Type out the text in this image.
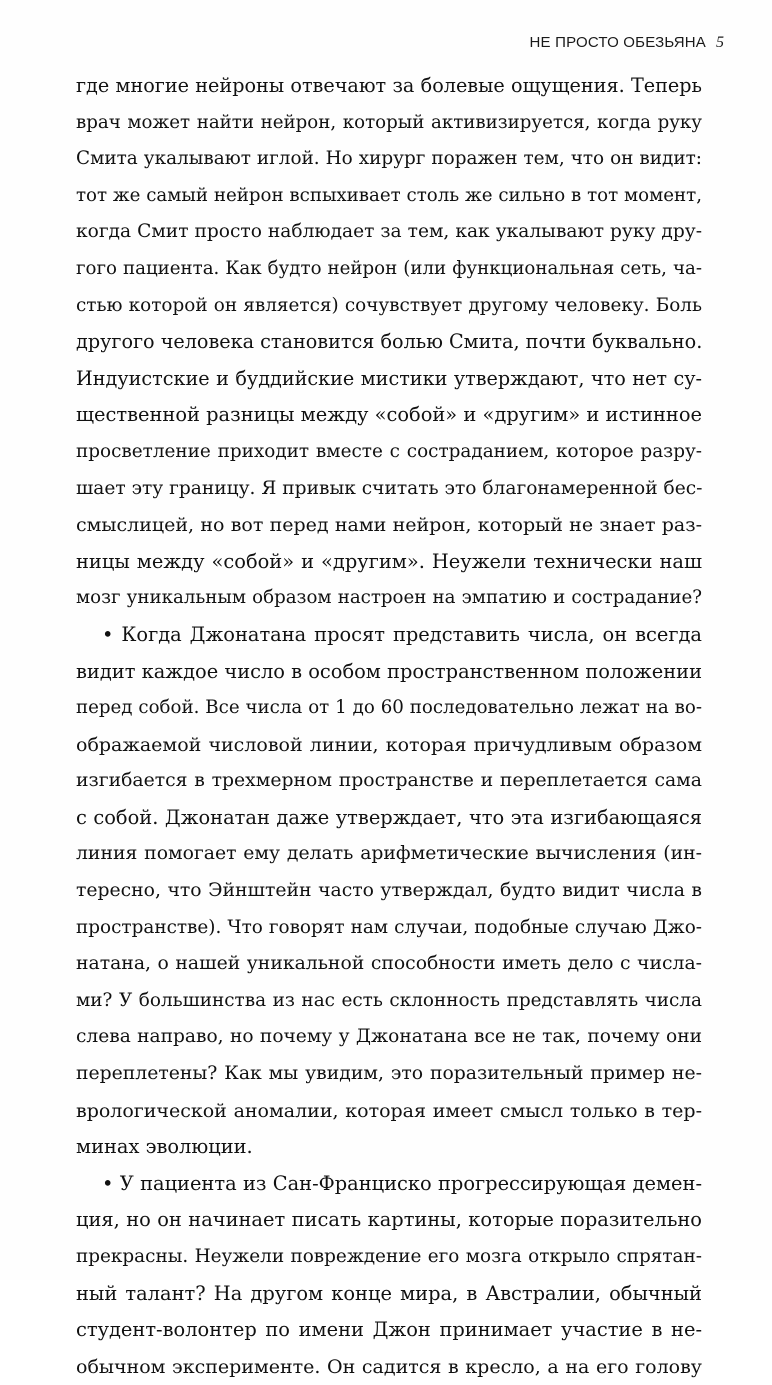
НЕ ПРОСТО ОБЕЗЬЯНА 5
где многие нейроны отвечают за болевые ощущения. Теперь
врач может найти нейрон, который активизируется, когда руку
Смита укалывают иглой. Но хирург поражен тем, что он видит:
тот же самый нейрон вспыхивает столь же сильно в тот момент,
когда Смит просто наблюдает за тем, как укалывают руку дру-
гого пациента. Как будто нейрон (или функциональная сеть, ча-
стью которой он является) сочувствует другому человеку. Боль
другого человека становится болью Смита, почти буквально.
Индуистские и буддийские мистики утверждают, что нет су-
щественной разницы между «собой» и «другим» и истинное
просветление приходит вместе с состраданием, которое разру-
шает эту границу. Я привык считать это благонамеренной бес-
смыслицей, но вот перед нами нейрон, который не знает раз-
ницы между «собой» и «другим». Неужели технически наш
мозг уникальным образом настроен на эмпатию и сострадание?
• Когда Джонатана просят представить числа, он всегда
видит каждое число в особом пространственном положении
перед собой. Все числа от 1 до 60 последовательно лежат на во-
ображаемой числовой линии, которая причудливым образом
изгибается в трехмерном пространстве и переплетается сама
с собой. Джонатан даже утверждает, что эта изгибающаяся
линия помогает ему делать арифметические вычисления (ин-
тересно, что Эйнштейн часто утверждал, будто видит числа в
пространстве). Что говорят нам случаи, подобные случаю Джо-
натана, о нашей уникальной способности иметь дело с числа-
ми? У большинства из нас есть склонность представлять числа
слева направо, но почему у Джонатана все не так, почему они
переплетены? Как мы увидим, это поразительный пример не-
врологической аномалии, которая имеет смысл только в тер-
минах эволюции.
• У пациента из Сан-Франциско прогрессирующая демен-
ция, но он начинает писать картины, которые поразительно
прекрасны. Неужели повреждение его мозга открыло спрятан-
ный талант? На другом конце мира, в Австралии, обычный
студент-волонтер по имени Джон принимает участие в не-
обычном эксперименте. Он садится в кресло, а на его голову
